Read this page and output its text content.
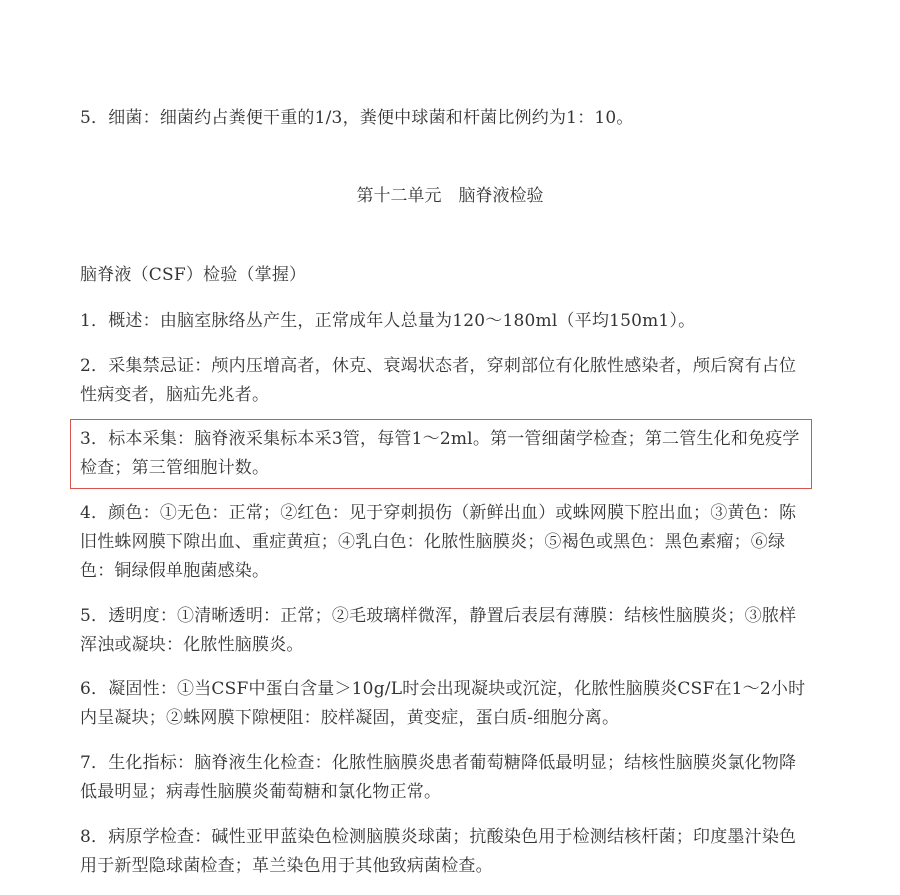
5．细菌：细菌约占粪便干重的1/3，粪便中球菌和杆菌比例约为1：10。

第十二单元　脑脊液检验

脑脊液（CSF）检验（掌握）

1．概述：由脑室脉络丛产生，正常成年人总量为120～180ml（平均150m1）。

2．采集禁忌证：颅内压增高者，休克、衰竭状态者，穿刺部位有化脓性感染者，颅后窝有占位性病变者，脑疝先兆者。

3．标本采集：脑脊液采集标本采3管，每管1～2ml。第一管细菌学检查；第二管生化和免疫学检查；第三管细胞计数。

4．颜色：①无色：正常；②红色：见于穿刺损伤（新鲜出血）或蛛网膜下腔出血；③黄色：陈旧性蛛网膜下隙出血、重症黄疸；④乳白色：化脓性脑膜炎；⑤褐色或黑色：黑色素瘤；⑥绿色：铜绿假单胞菌感染。

5．透明度：①清晰透明：正常；②毛玻璃样微浑，静置后表层有薄膜：结核性脑膜炎；③脓样浑浊或凝块：化脓性脑膜炎。

6．凝固性：①当CSF中蛋白含量＞10g/L时会出现凝块或沉淀，化脓性脑膜炎CSF在1～2小时内呈凝块；②蛛网膜下隙梗阻：胶样凝固，黄变症，蛋白质-细胞分离。

7．生化指标：脑脊液生化检查：化脓性脑膜炎患者葡萄糖降低最明显；结核性脑膜炎氯化物降低最明显；病毒性脑膜炎葡萄糖和氯化物正常。

8．病原学检查：碱性亚甲蓝染色检测脑膜炎球菌；抗酸染色用于检测结核杆菌；印度墨汁染色用于新型隐球菌检查；革兰染色用于其他致病菌检查。
